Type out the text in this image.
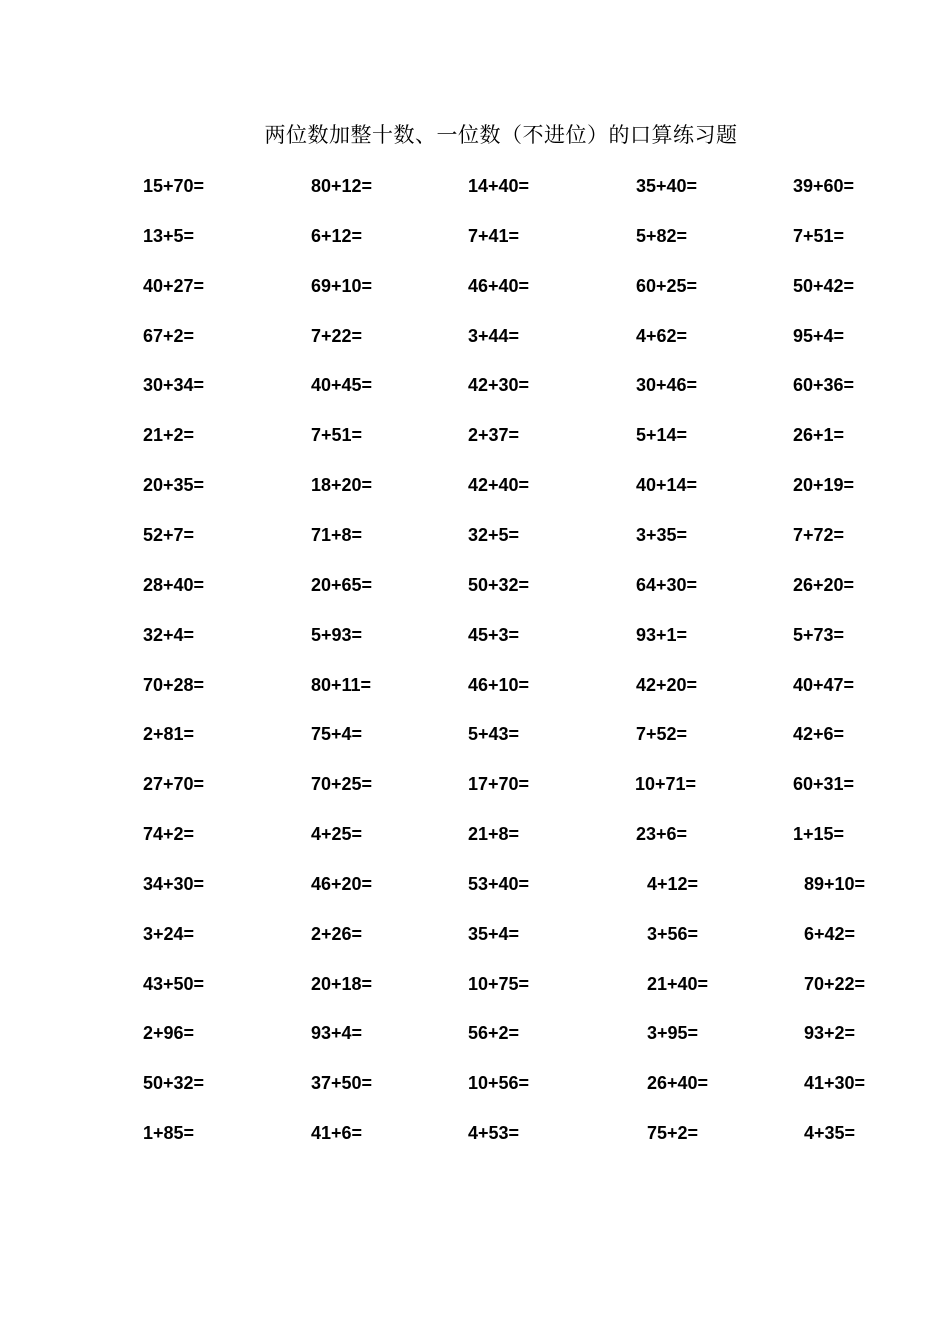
两位数加整十数、一位数（不进位）的口算练习题
15+70=	80+12=	14+40=	35+40=	39+60=
13+5=	6+12=	7+41=	5+82=	7+51=
40+27=	69+10=	46+40=	60+25=	50+42=
67+2=	7+22=	3+44=	4+62=	95+4=
30+34=	40+45=	42+30=	30+46=	60+36=
21+2=	7+51=	2+37=	5+14=	26+1=
20+35=	18+20=	42+40=	40+14=	20+19=
52+7=	71+8=	32+5=	3+35=	7+72=
28+40=	20+65=	50+32=	64+30=	26+20=
32+4=	5+93=	45+3=	93+1=	5+73=
70+28=	80+11=	46+10=	42+20=	40+47=
2+81=	75+4=	5+43=	7+52=	42+6=
27+70=	70+25=	17+70=	10+71=	60+31=
74+2=	4+25=	21+8=	23+6=	1+15=
34+30=	46+20=	53+40=	4+12=	89+10=
3+24=	2+26=	35+4=	3+56=	6+42=
43+50=	20+18=	10+75=	21+40=	70+22=
2+96=	93+4=	56+2=	3+95=	93+2=
50+32=	37+50=	10+56=	26+40=	41+30=
1+85=	41+6=	4+53=	75+2=	4+35=
